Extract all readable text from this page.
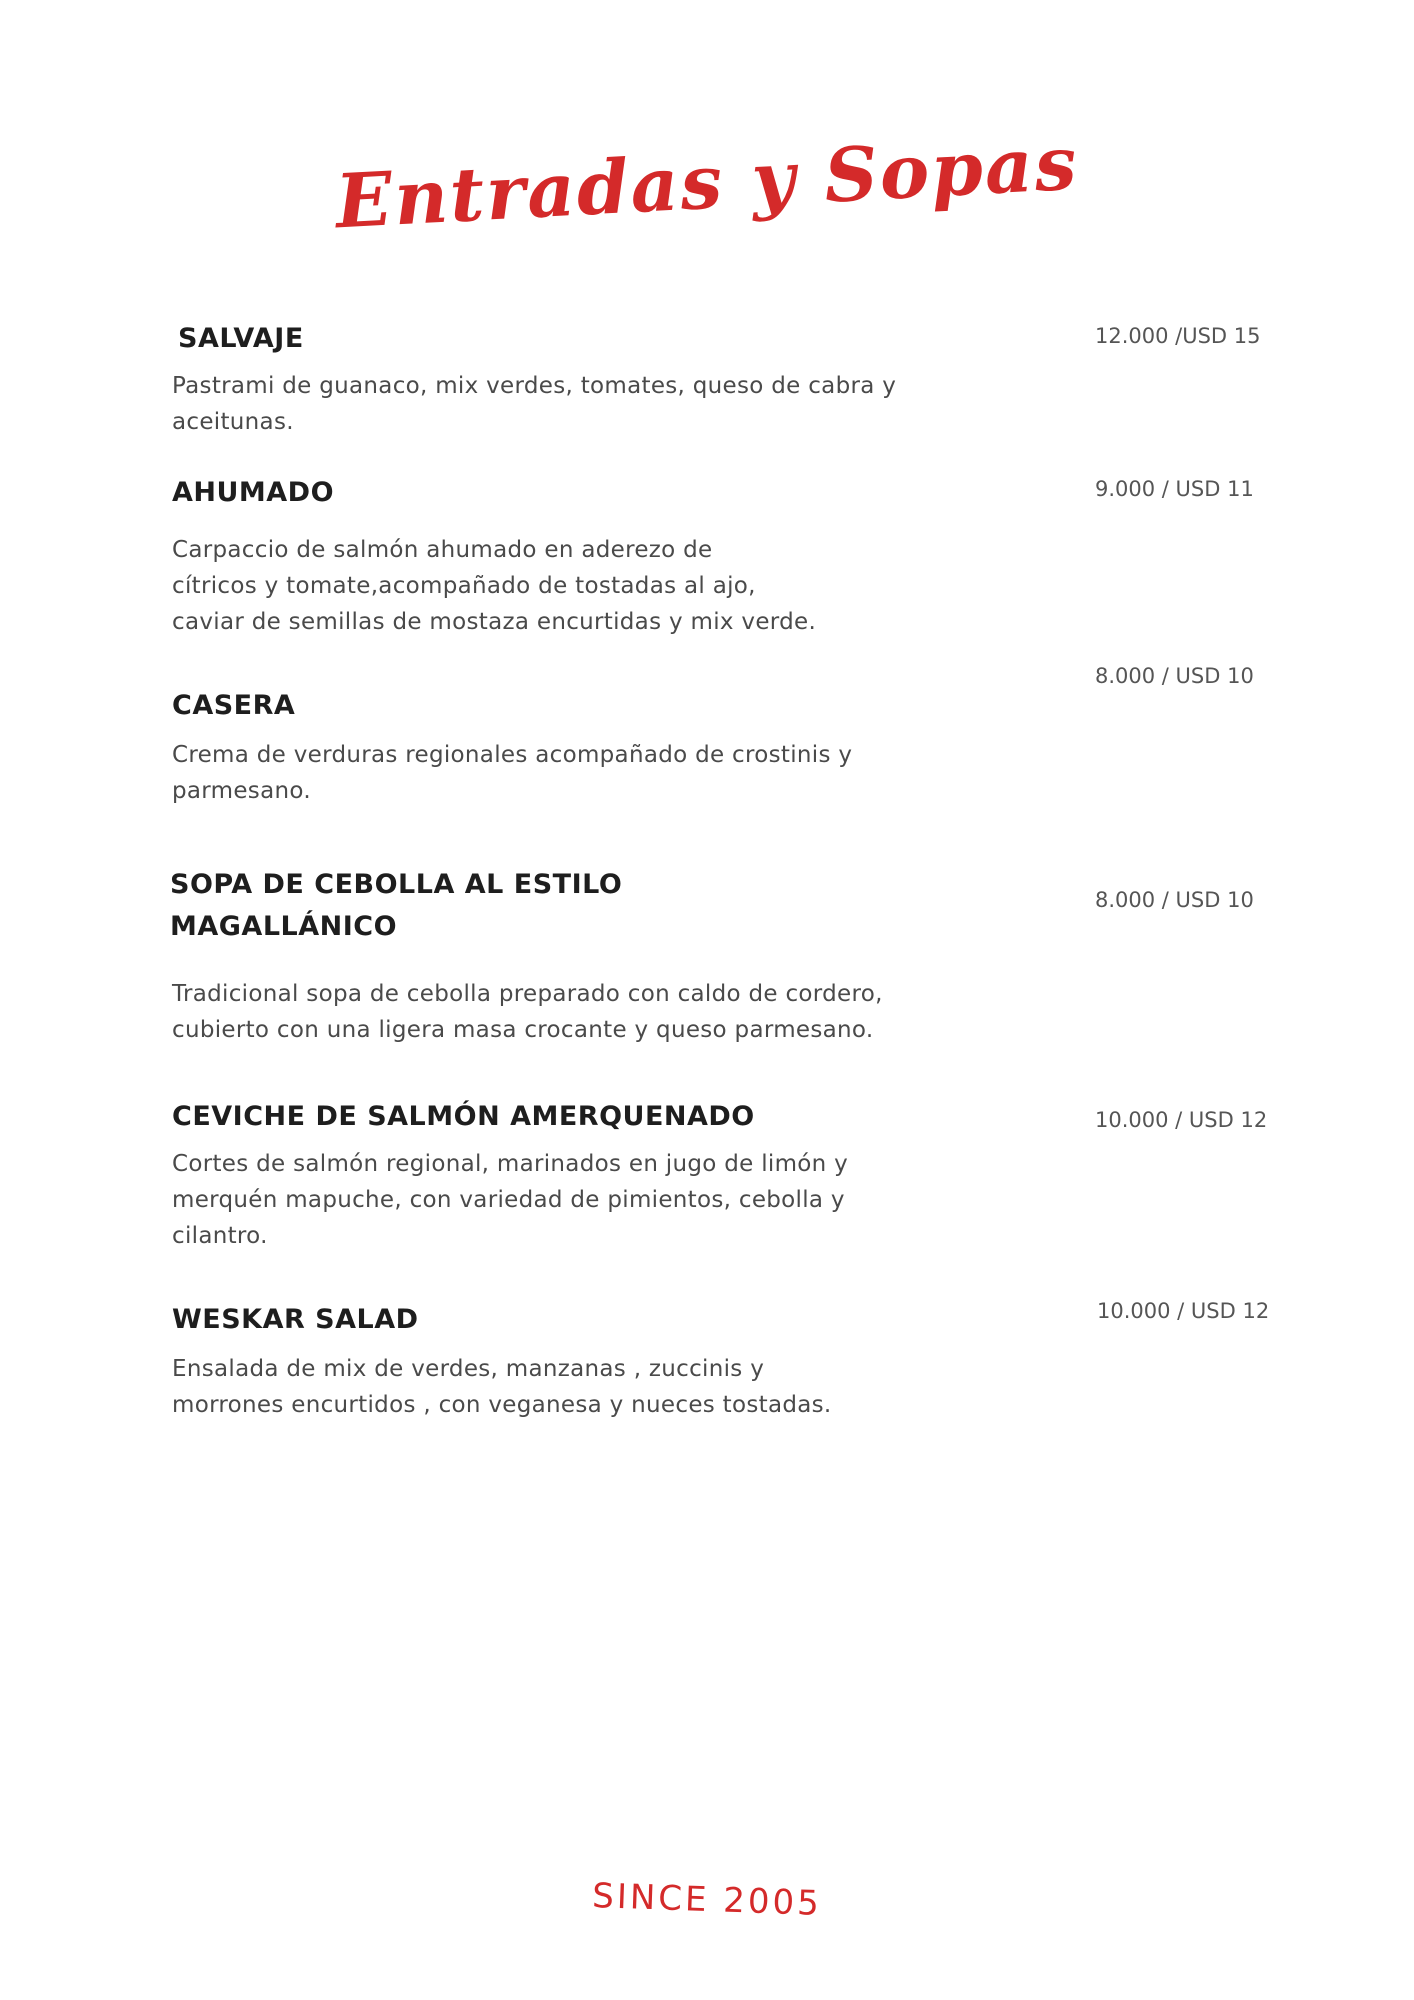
Entradas y Sopas
SALVAJE

Pastrami de guanaco, mix verdes, tomates, queso de cabra y
aceitunas.

12.000 /USD 15
AHUMADO

Carpaccio de salmón ahumado en aderezo de
cítricos y tomate,acompañado de tostadas al ajo,
caviar de semillas de mostaza encurtidas y mix verde.

9.000 / USD 11
CASERA

Crema de verduras regionales acompañado de crostinis y
parmesano.

8.000 / USD 10
SOPA DE CEBOLLA AL ESTILO
MAGALLÁNICO

Tradicional sopa de cebolla preparado con caldo de cordero,
cubierto con una ligera masa crocante y queso parmesano.

8.000 / USD 10
CEVICHE DE SALMÓN AMERQUENADO

Cortes de salmón regional, marinados en jugo de limón y
merquén mapuche, con variedad de pimientos, cebolla y
cilantro.

10.000 / USD 12
WESKAR SALAD

Ensalada de mix de verdes, manzanas , zuccinis y
morrones encurtidos , con veganesa y nueces tostadas.

10.000 / USD 12
SINCE 2005
